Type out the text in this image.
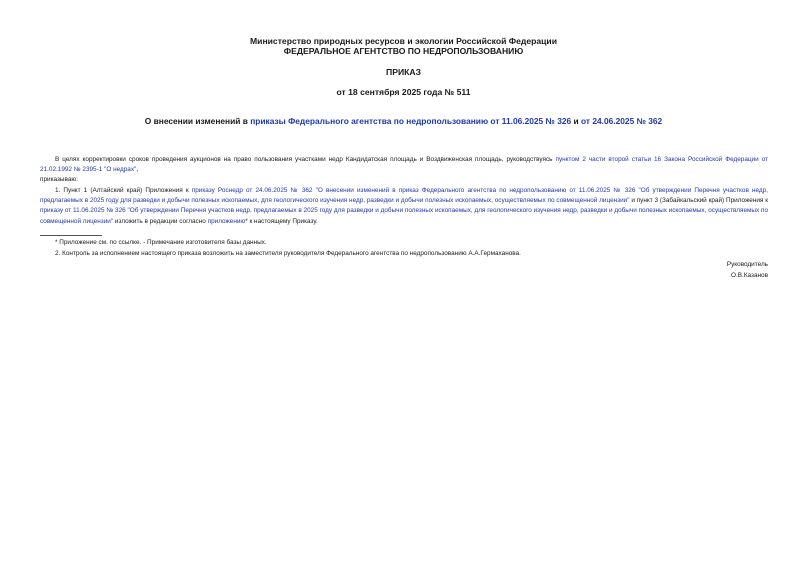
Министерство природных ресурсов и экологии Российской Федерации
ФЕДЕРАЛЬНОЕ АГЕНТСТВО ПО НЕДРОПОЛЬЗОВАНИЮ
ПРИКАЗ
от 18 сентября 2025 года № 511
О внесении изменений в приказы Федерального агентства по недропользованию от 11.06.2025 № 326 и от 24.06.2025 № 362
В целях корректировки сроков проведения аукционов на право пользования участками недр Кандидатская площадь и Воздвиженская площадь, руководствуясь пунктом 2 части второй статьи 16 Закона Российской Федерации от 21.02.1992 № 2395-1 "О недрах",
приказываю:
1. Пункт 1 (Алтайский край) Приложения к приказу Роснедр от 24.06.2025 № 362 "О внесении изменений в приказ Федерального агентства по недропользованию от 11.06.2025 № 326 "Об утверждении Перечня участков недр, предлагаемых в 2025 году для разведки и добычи полезных ископаемых, для геологического изучения недр, разведки и добычи полезных ископаемых, осуществляемых по совмещенной лицензии" и пункт 3 (Забайкальский край) Приложения к приказу от 11.06.2025 № 326 "Об утверждении Перечня участков недр, предлагаемых в 2025 году для разведки и добычи полезных ископаемых, для геологического изучения недр, разведки и добычи полезных ископаемых, осуществляемых по совмещенной лицензии" изложить в редакции согласно приложению* к настоящему Приказу.
* Приложение см. по ссылке. - Примечание изготовителя базы данных.
2. Контроль за исполнением настоящего приказа возложить на заместителя руководителя Федерального агентства по недропользованию А.А.Гермаханова.
Руководитель
О.В.Казанов
